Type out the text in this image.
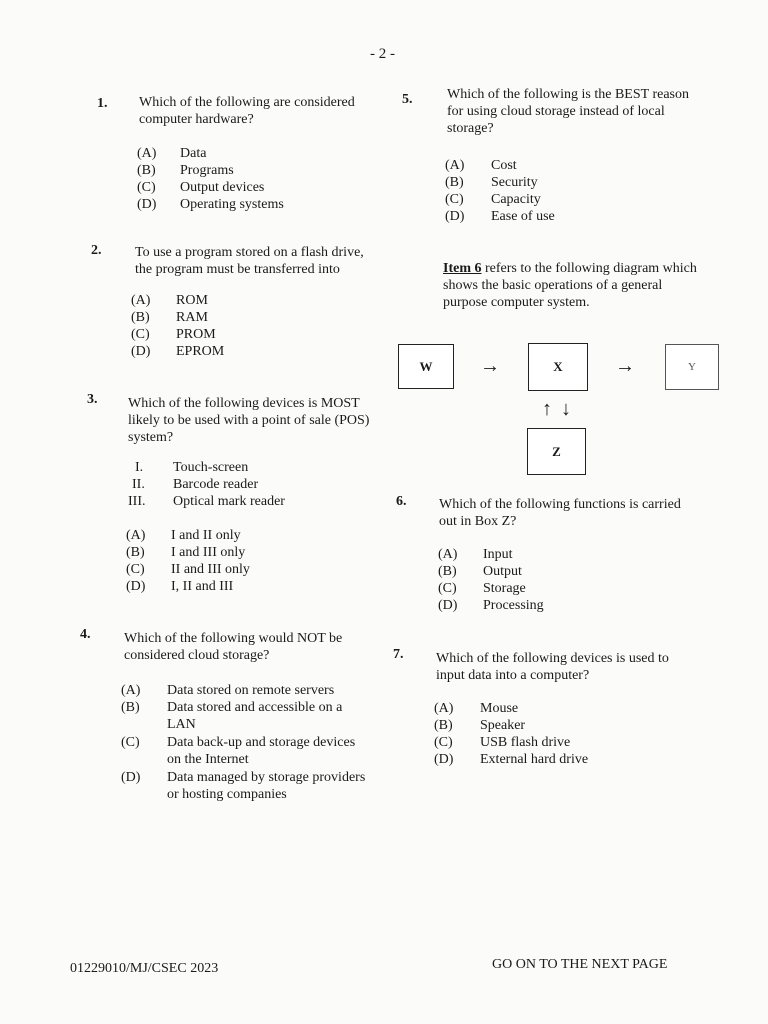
- 2 -
1. Which of the following are considered computer hardware?
(A) Data
(B) Programs
(C) Output devices
(D) Operating systems
2. To use a program stored on a flash drive, the program must be transferred into
(A) ROM
(B) RAM
(C) PROM
(D) EPROM
3. Which of the following devices is MOST likely to be used with a point of sale (POS) system?
I. Touch-screen
II. Barcode reader
III. Optical mark reader
(A) I and II only
(B) I and III only
(C) II and III only
(D) I, II and III
4. Which of the following would NOT be considered cloud storage?
(A) Data stored on remote servers
(B) Data stored and accessible on a LAN
(C) Data back-up and storage devices on the Internet
(D) Data managed by storage providers or hosting companies
5. Which of the following is the BEST reason for using cloud storage instead of local storage?
(A) Cost
(B) Security
(C) Capacity
(D) Ease of use
Item 6 refers to the following diagram which shows the basic operations of a general purpose computer system.
W	→	X	→	Y
↑ ↓
Z
6. Which of the following functions is carried out in Box Z?
(A) Input
(B) Output
(C) Storage
(D) Processing
7. Which of the following devices is used to input data into a computer?
(A) Mouse
(B) Speaker
(C) USB flash drive
(D) External hard drive
01229010/MJ/CSEC 2023	GO ON TO THE NEXT PAGE
